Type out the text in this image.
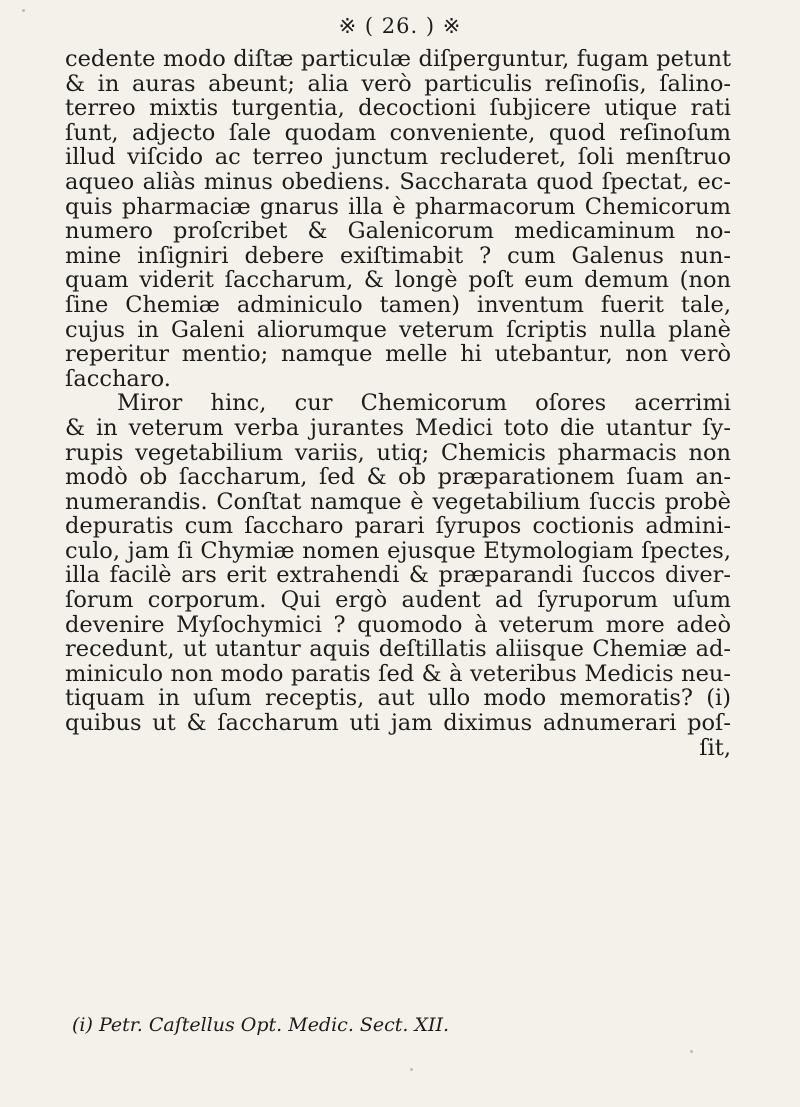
※ ( 26. ) ※
cedente modo diſtæ particulæ diſperguntur, fugam petunt
& in auras abeunt; alia verò particulis reſinoſis, ſalino-
terreo mixtis turgentia, decoctioni ſubjicere utique rati
ſunt, adjecto ſale quodam conveniente, quod reſinoſum
illud viſcido ac terreo junctum recluderet, ſoli menſtruo
aqueo aliàs minus obediens. Saccharata quod ſpectat, ec-
quis pharmaciæ gnarus illa è pharmacorum Chemicorum
numero proſcribet & Galenicorum medicaminum no-
mine inſigniri debere exiſtimabit ? cum Galenus nun-
quam viderit ſaccharum, & longè poſt eum demum (non
ſine Chemiæ adminiculo tamen) inventum fuerit tale,
cujus in Galeni aliorumque veterum ſcriptis nulla planè
reperitur mentio; namque melle hi utebantur, non verò
ſaccharo.
Miror hinc, cur Chemicorum oſores acerrimi
& in veterum verba jurantes Medici toto die utantur ſy-
rupis vegetabilium variis, utiq; Chemicis pharmacis non
modò ob ſaccharum, ſed & ob præparationem ſuam an-
numerandis. Conſtat namque è vegetabilium ſuccis probè
depuratis cum ſaccharo parari ſyrupos coctionis admini-
culo, jam ſi Chymiæ nomen ejusque Etymologiam ſpectes,
illa facilè ars erit extrahendi & præparandi ſuccos diver-
ſorum corporum. Qui ergò audent ad ſyruporum uſum
devenire Myſochymici ? quomodo à veterum more adeò
recedunt, ut utantur aquis deſtillatis aliisque Chemiæ ad-
miniculo non modo paratis ſed & à veteribus Medicis neu-
tiquam in uſum receptis, aut ullo modo memoratis? (i)
quibus ut & ſaccharum uti jam diximus adnumerari poſ-
ſit,
(i) Petr. Caſtellus Opt. Medic. Sect. XII.
